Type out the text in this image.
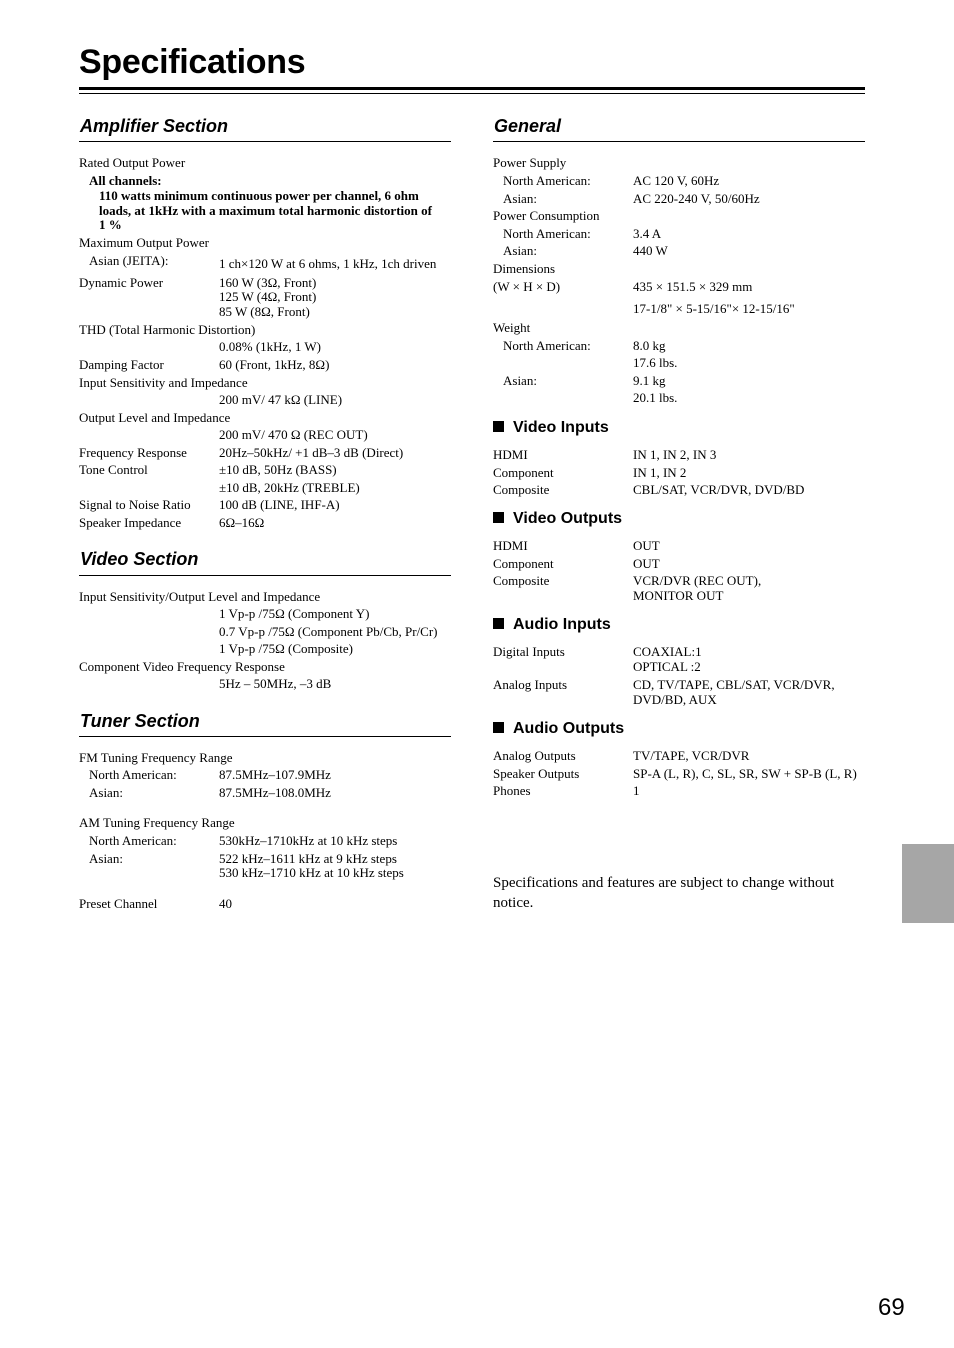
Specifications
Amplifier Section
Rated Output Power
All channels:
110 watts minimum continuous power per channel, 6 ohm
loads, at 1kHz with a maximum total harmonic distortion of
1 %
Maximum Output Power
Asian (JEITA):	1 ch×120 W at 6 ohms, 1 kHz, 1ch driven
Dynamic Power	160 W (3Ω, Front)
125 W (4Ω, Front)
85 W (8Ω, Front)
THD (Total Harmonic Distortion)
0.08% (1kHz, 1 W)
Damping Factor	60 (Front, 1kHz, 8Ω)
Input Sensitivity and Impedance
200 mV/ 47 kΩ (LINE)
Output Level and Impedance
200 mV/ 470 Ω (REC OUT)
Frequency Response 20Hz–50kHz/ +1 dB–3 dB (Direct)
Tone Control	±10 dB, 50Hz (BASS)
±10 dB, 20kHz (TREBLE)
Signal to Noise Ratio 100 dB (LINE, IHF-A)
Speaker Impedance	6Ω–16Ω
Video Section
Input Sensitivity/Output Level and Impedance
1 Vp-p /75Ω (Component Y)
0.7 Vp-p /75Ω (Component Pb/Cb, Pr/Cr)
1 Vp-p /75Ω (Composite)
Component Video Frequency Response
5Hz – 50MHz, –3 dB
Tuner Section
FM Tuning Frequency Range
North American:	87.5MHz–107.9MHz
Asian:	87.5MHz–108.0MHz
AM Tuning Frequency Range
North American:	530kHz–1710kHz at 10 kHz steps
Asian:	522 kHz–1611 kHz at 9 kHz steps
530 kHz–1710 kHz at 10 kHz steps
Preset Channel	40
General
Power Supply
North American:	AC 120 V, 60Hz
Asian:	AC 220-240 V, 50/60Hz
Power Consumption
North American:	3.4 A
Asian:	440 W
Dimensions
(W × H × D)	435 × 151.5 × 329 mm
17-1/8" × 5-15/16"× 12-15/16"
Weight
North American:	8.0 kg
17.6 lbs.
Asian:	9.1 kg
20.1 lbs.
Video Inputs
HDMI	IN 1, IN 2, IN 3
Component	IN 1, IN 2
Composite	CBL/SAT, VCR/DVR, DVD/BD
Video Outputs
HDMI	OUT
Component	OUT
Composite	VCR/DVR (REC OUT),
MONITOR OUT
Audio Inputs
Digital Inputs	COAXIAL:1
OPTICAL :2
Analog Inputs	CD, TV/TAPE, CBL/SAT, VCR/DVR,
DVD/BD, AUX
Audio Outputs
Analog Outputs	TV/TAPE, VCR/DVR
Speaker Outputs	SP-A (L, R), C, SL, SR, SW + SP-B (L, R)
Phones	1
Specifications and features are subject to change without
notice.
69
